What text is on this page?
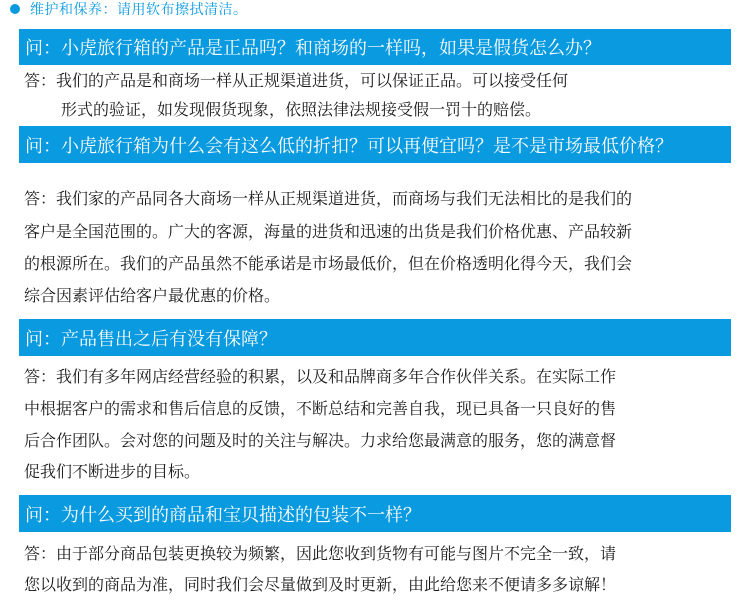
维护和保养：请用软布擦拭清洁。
问：小虎旅行箱的产品是正品吗？和商场的一样吗，如果是假货怎么办？
答：我们的产品是和商场一样从正规渠道进货，可以保证正品。可以接受任何
形式的验证，如发现假货现象，依照法律法规接受假一罚十的赔偿。
问：小虎旅行箱为什么会有这么低的折扣？可以再便宜吗？是不是市场最低价格？
答：我们家的产品同各大商场一样从正规渠道进货，而商场与我们无法相比的是我们的
客户是全国范围的。广大的客源，海量的进货和迅速的出货是我们价格优惠、产品较新
的根源所在。我们的产品虽然不能承诺是市场最低价，但在价格透明化得今天，我们会
综合因素评估给客户最优惠的价格。
问：产品售出之后有没有保障？
答：我们有多年网店经营经验的积累，以及和品牌商多年合作伙伴关系。在实际工作
中根据客户的需求和售后信息的反馈，不断总结和完善自我，现已具备一只良好的售
后合作团队。会对您的问题及时的关注与解决。力求给您最满意的服务，您的满意督
促我们不断进步的目标。
问：为什么买到的商品和宝贝描述的包装不一样？
答：由于部分商品包装更换较为频繁，因此您收到货物有可能与图片不完全一致，请
您以收到的商品为准，同时我们会尽量做到及时更新，由此给您来不便请多多谅解！
